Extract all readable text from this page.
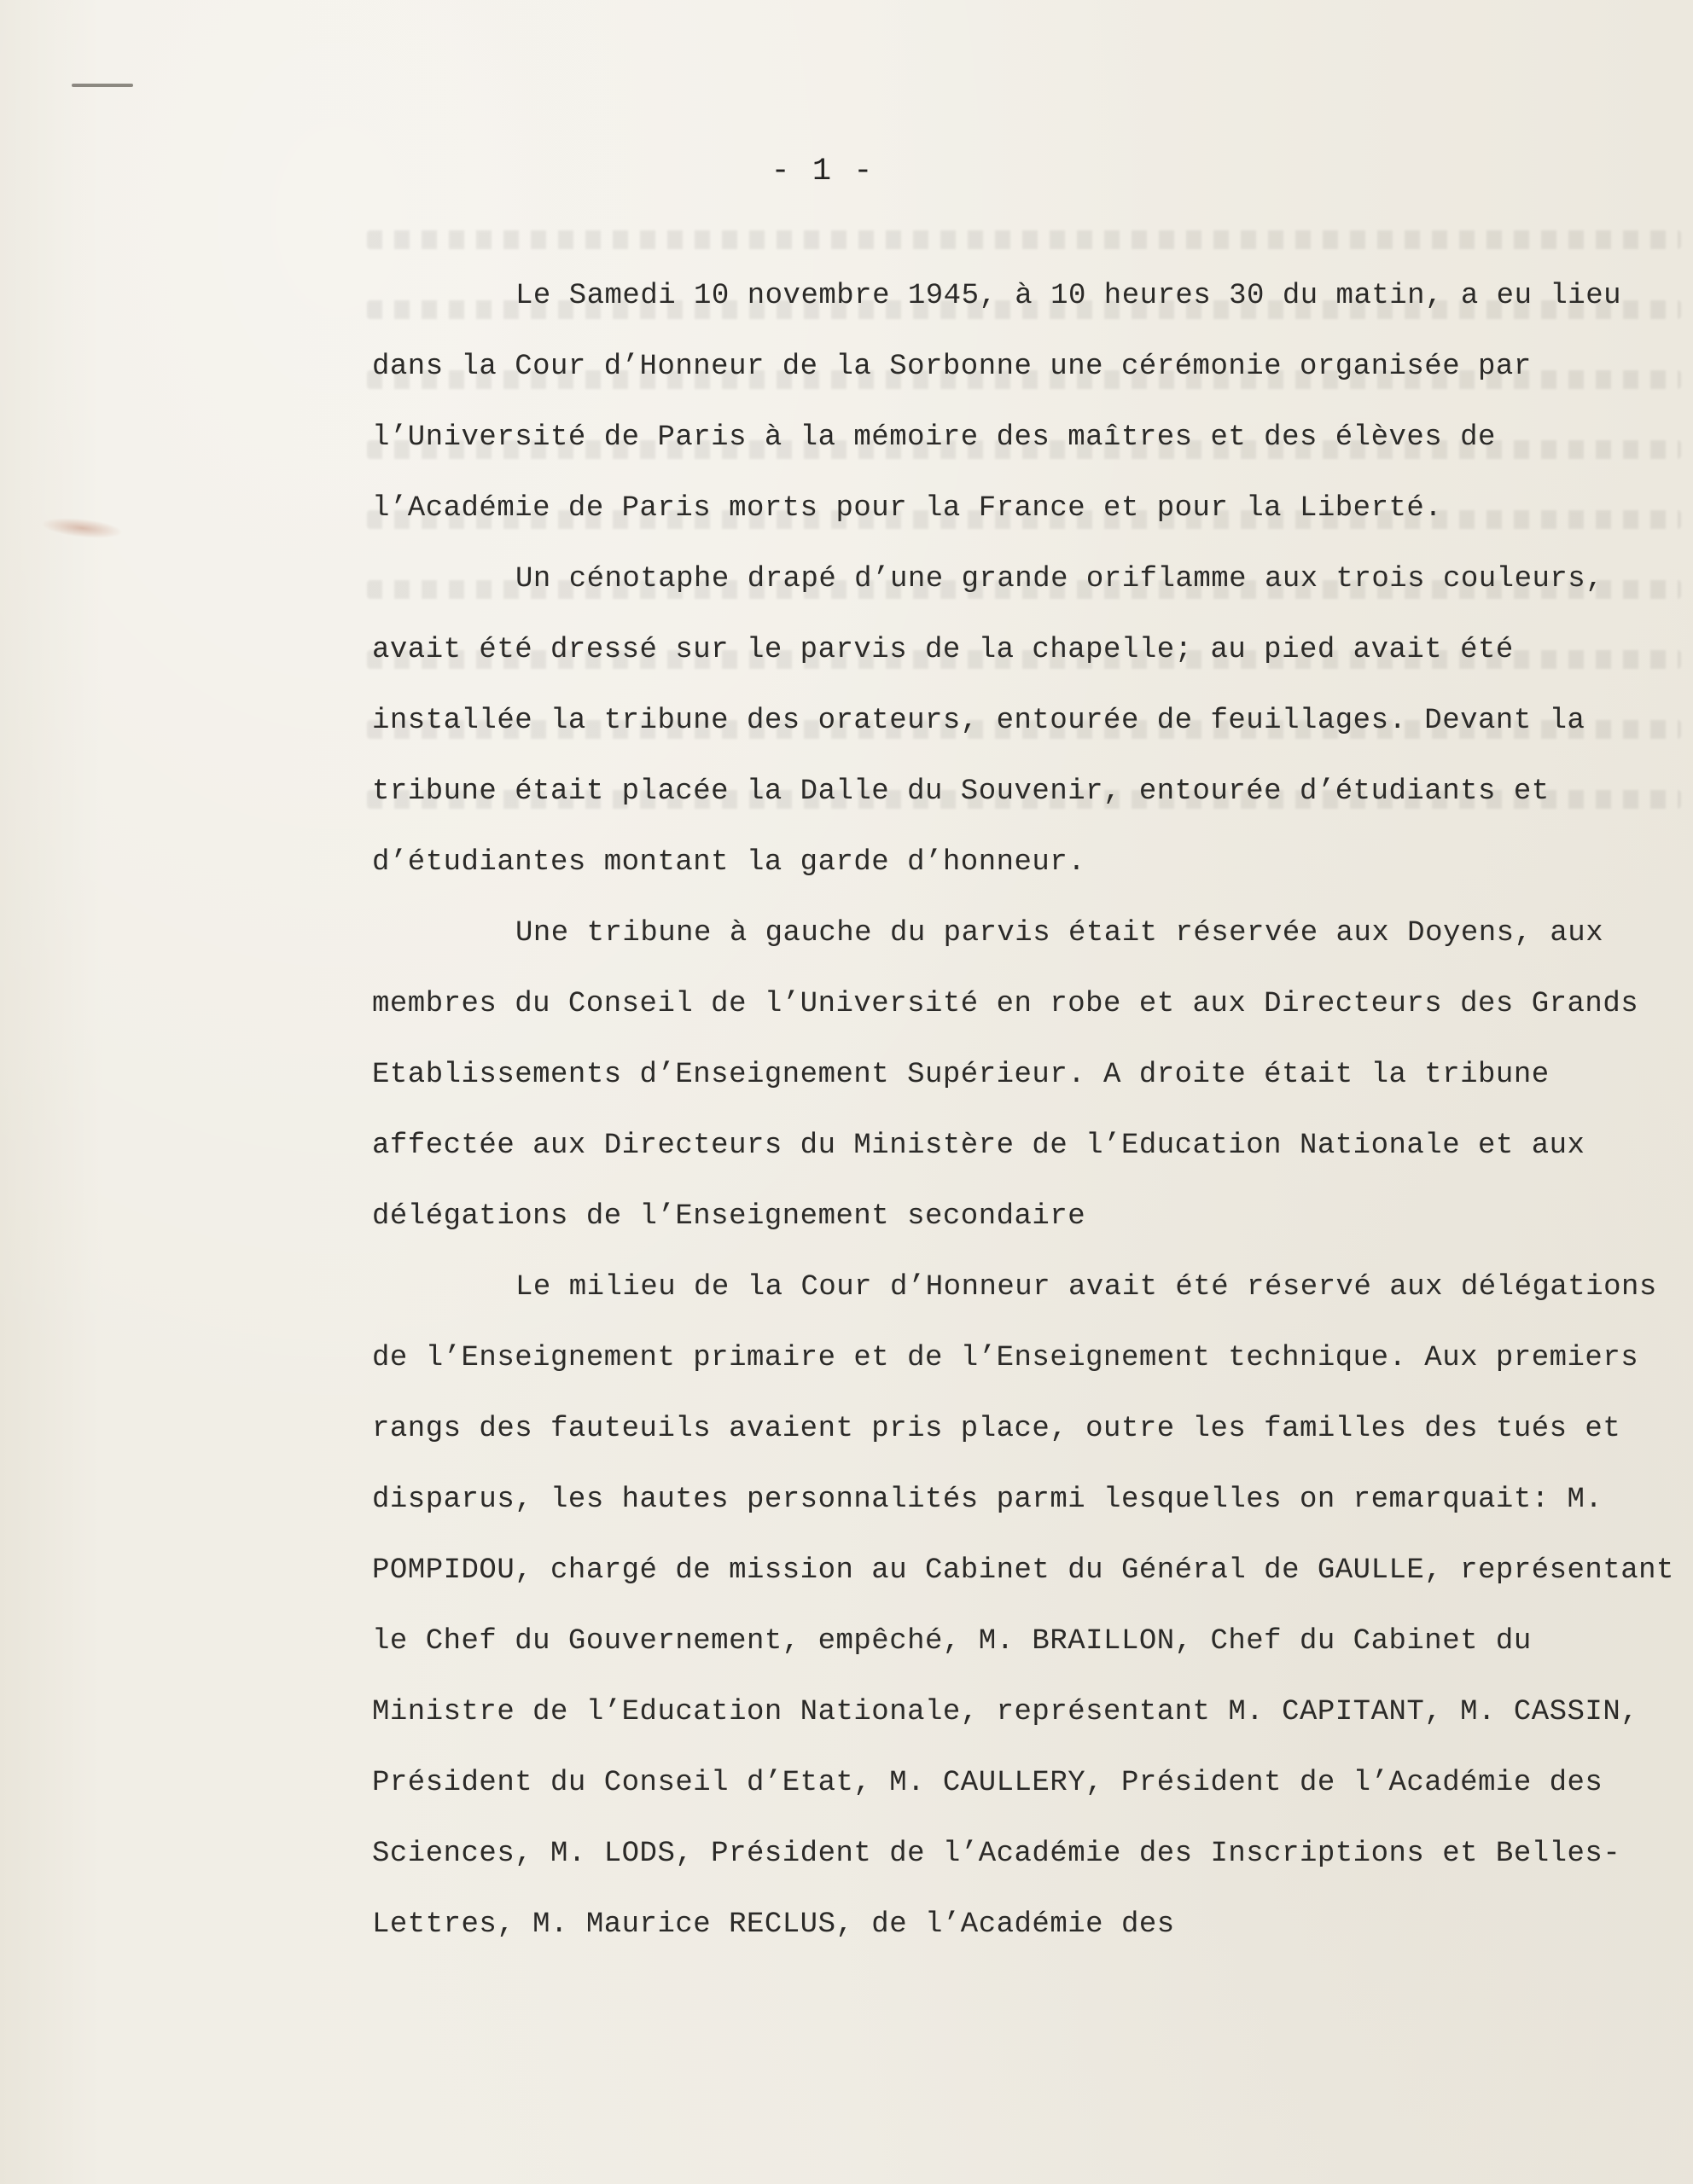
- 1 -

Le Samedi 10 novembre 1945, à 10 heures 30 du matin, a eu lieu dans la Cour d’Honneur de la Sorbonne une cérémonie organisée par l’Université de Paris à la mémoire des maîtres et des élèves de l’Académie de Paris morts pour la France et pour la Liberté.

Un cénotaphe drapé d’une grande oriflamme aux trois couleurs, avait été dressé sur le parvis de la chapelle; au pied avait été installée la tribune des orateurs, entourée de feuillages. Devant la tribune était placée la Dalle du Souvenir, entourée d’étudiants et d’étudiantes montant la garde d’honneur.

Une tribune à gauche du parvis était réservée aux Doyens, aux membres du Conseil de l’Université en robe et aux Directeurs des Grands Etablissements d’Enseignement Supérieur. A droite était la tribune affectée aux Directeurs du Ministère de l’Education Nationale et aux délégations de l’Enseignement secondaire

Le milieu de la Cour d’Honneur avait été réservé aux délégations de l’Enseignement primaire et de l’Enseignement technique. Aux premiers rangs des fauteuils avaient pris place, outre les familles des tués et disparus, les hautes personnalités parmi lesquelles on remarquait: M. POMPIDOU, chargé de mission au Cabinet du Général de GAULLE, représentant le Chef du Gouvernement, empêché, M. BRAILLON, Chef du Cabinet du Ministre de l’Education Nationale, représentant M. CAPITANT, M. CASSIN, Président du Conseil d’Etat, M. CAULLERY, Président de l’Académie des Sciences, M. LODS, Président de l’Académie des Inscriptions et Belles-Lettres, M. Maurice RECLUS, de l’Académie des
